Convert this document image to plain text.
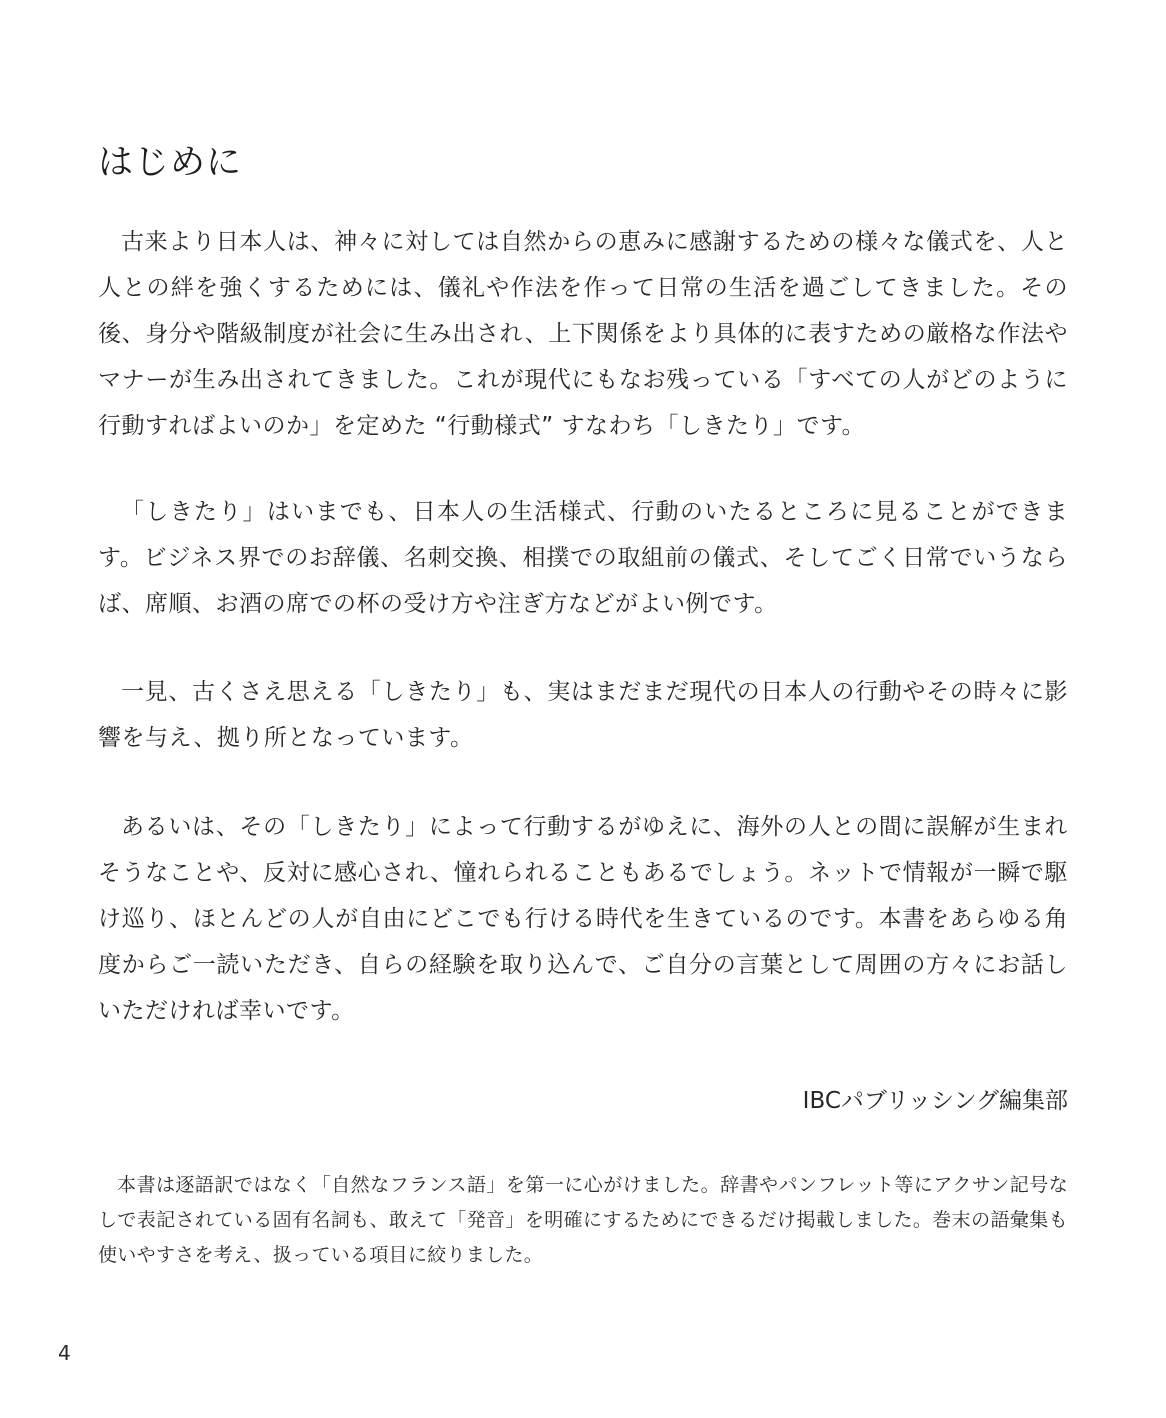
はじめに

古来より日本人は、神々に対しては自然からの恵みに感謝するための様々な儀式を、人と人との絆を強くするためには、儀礼や作法を作って日常の生活を過ごしてきました。その後、身分や階級制度が社会に生み出され、上下関係をより具体的に表すための厳格な作法やマナーが生み出されてきました。これが現代にもなお残っている「すべての人がどのように行動すればよいのか」を定めた “行動様式” すなわち「しきたり」です。

「しきたり」はいまでも、日本人の生活様式、行動のいたるところに見ることができます。ビジネス界でのお辞儀、名刺交換、相撲での取組前の儀式、そしてごく日常でいうならば、席順、お酒の席での杯の受け方や注ぎ方などがよい例です。

一見、古くさえ思える「しきたり」も、実はまだまだ現代の日本人の行動やその時々に影響を与え、拠り所となっています。

あるいは、その「しきたり」によって行動するがゆえに、海外の人との間に誤解が生まれそうなことや、反対に感心され、憧れられることもあるでしょう。ネットで情報が一瞬で駆け巡り、ほとんどの人が自由にどこでも行ける時代を生きているのです。本書をあらゆる角度からご一読いただき、自らの経験を取り込んで、ご自分の言葉として周囲の方々にお話しいただければ幸いです。

IBCパブリッシング編集部

本書は逐語訳ではなく「自然なフランス語」を第一に心がけました。辞書やパンフレット等にアクサン記号なしで表記されている固有名詞も、敢えて「発音」を明確にするためにできるだけ掲載しました。巻末の語彙集も使いやすさを考え、扱っている項目に絞りました。

4
